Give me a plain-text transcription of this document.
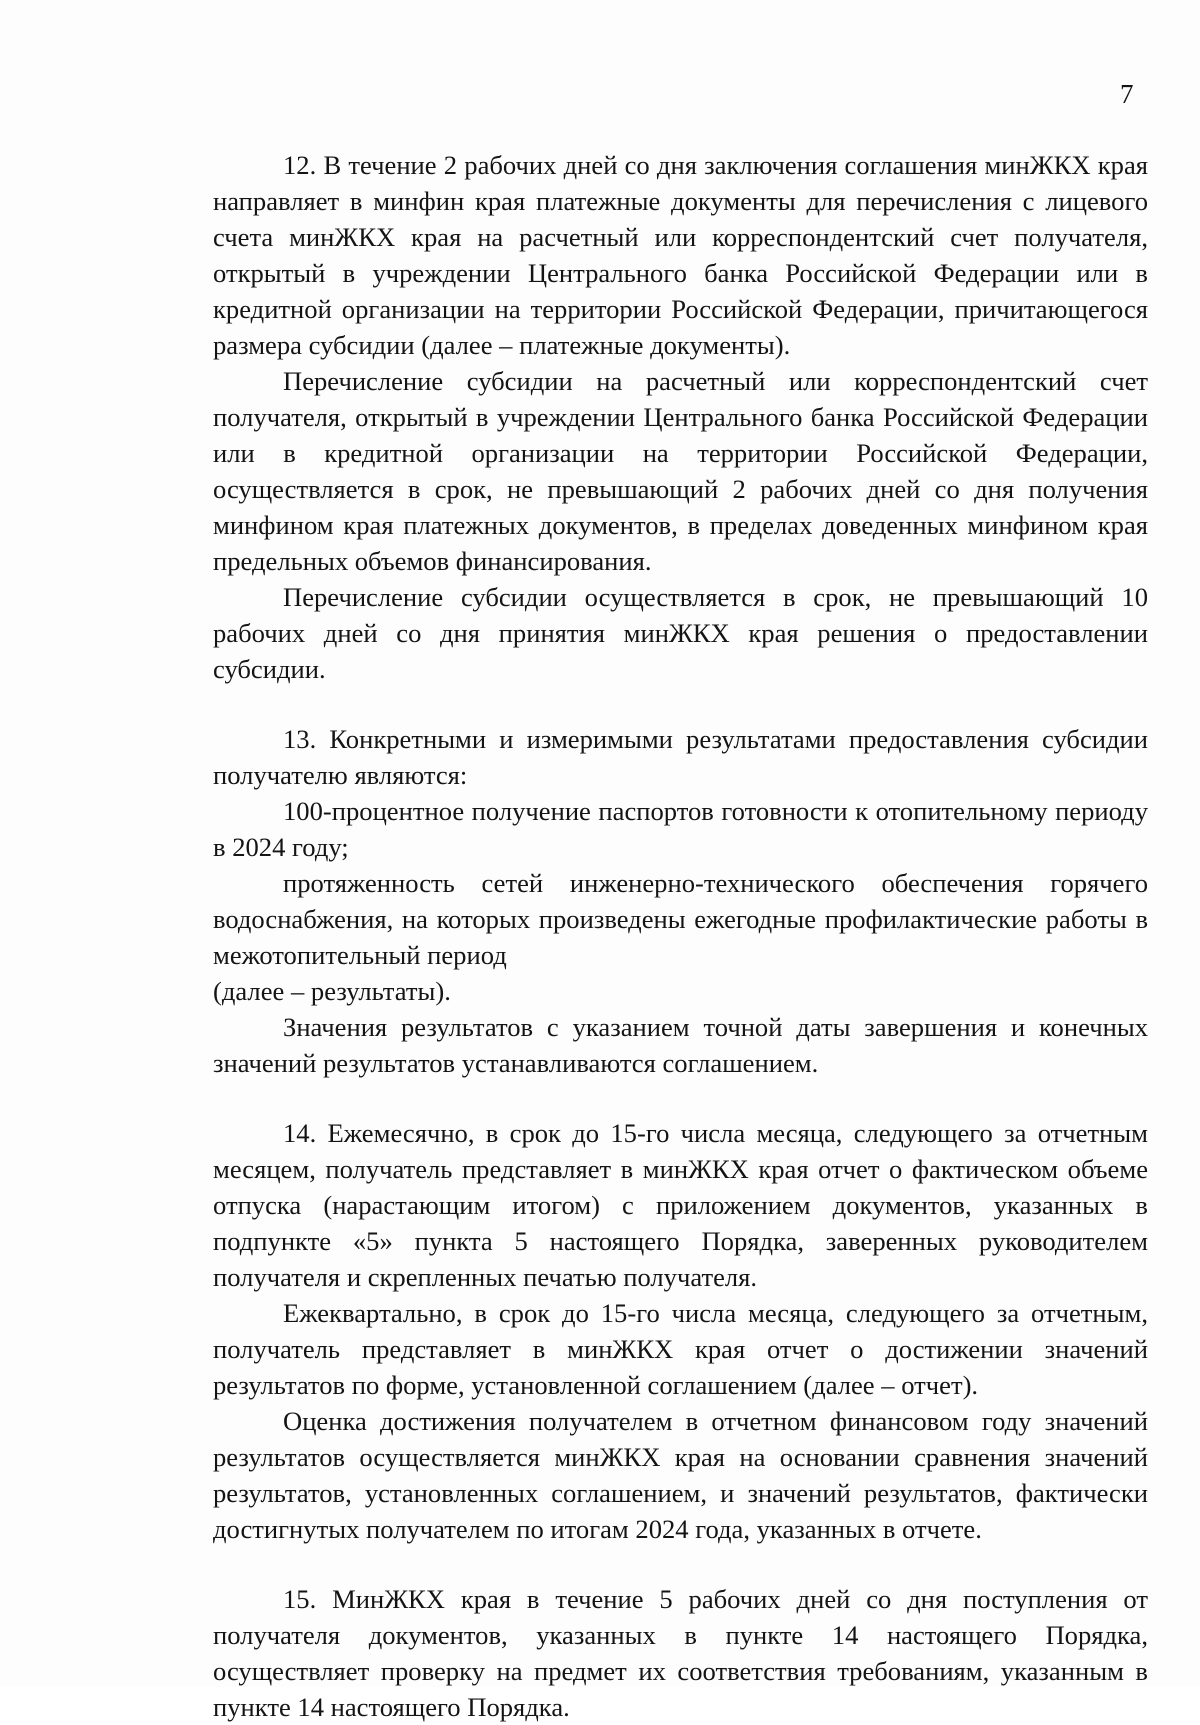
7

12. В течение 2 рабочих дней со дня заключения соглашения минЖКХ края направляет в минфин края платежные документы для перечисления с лицевого счета минЖКХ края на расчетный или корреспондентский счет получателя, открытый в учреждении Центрального банка Российской Федерации или в кредитной организации на территории Российской Федерации, причитающегося размера субсидии (далее – платежные документы).

Перечисление субсидии на расчетный или корреспондентский счет получателя, открытый в учреждении Центрального банка Российской Федерации или в кредитной организации на территории Российской Федерации, осуществляется в срок, не превышающий 2 рабочих дней со дня получения минфином края платежных документов, в пределах доведенных минфином края предельных объемов финансирования.

Перечисление субсидии осуществляется в срок, не превышающий 10 рабочих дней со дня принятия минЖКХ края решения о предоставлении субсидии.

13. Конкретными и измеримыми результатами предоставления субсидии получателю являются:

100-процентное получение паспортов готовности к отопительному периоду в 2024 году;

протяженность сетей инженерно-технического обеспечения горячего водоснабжения, на которых произведены ежегодные профилактические работы в межотопительный период

(далее – результаты).

Значения результатов с указанием точной даты завершения и конечных значений результатов устанавливаются соглашением.

14. Ежемесячно, в срок до 15-го числа месяца, следующего за отчетным месяцем, получатель представляет в минЖКХ края отчет о фактическом объеме отпуска (нарастающим итогом) с приложением документов, указанных в подпункте «5» пункта 5 настоящего Порядка, заверенных руководителем получателя и скрепленных печатью получателя.

Ежеквартально, в срок до 15-го числа месяца, следующего за отчетным, получатель представляет в минЖКХ края отчет о достижении значений результатов по форме, установленной соглашением (далее – отчет).

Оценка достижения получателем в отчетном финансовом году значений результатов осуществляется минЖКХ края на основании сравнения значений результатов, установленных соглашением, и значений результатов, фактически достигнутых получателем по итогам 2024 года, указанных в отчете.

15. МинЖКХ края в течение 5 рабочих дней со дня поступления от получателя документов, указанных в пункте 14 настоящего Порядка, осуществляет проверку на предмет их соответствия требованиям, указанным в пункте 14 настоящего Порядка.
